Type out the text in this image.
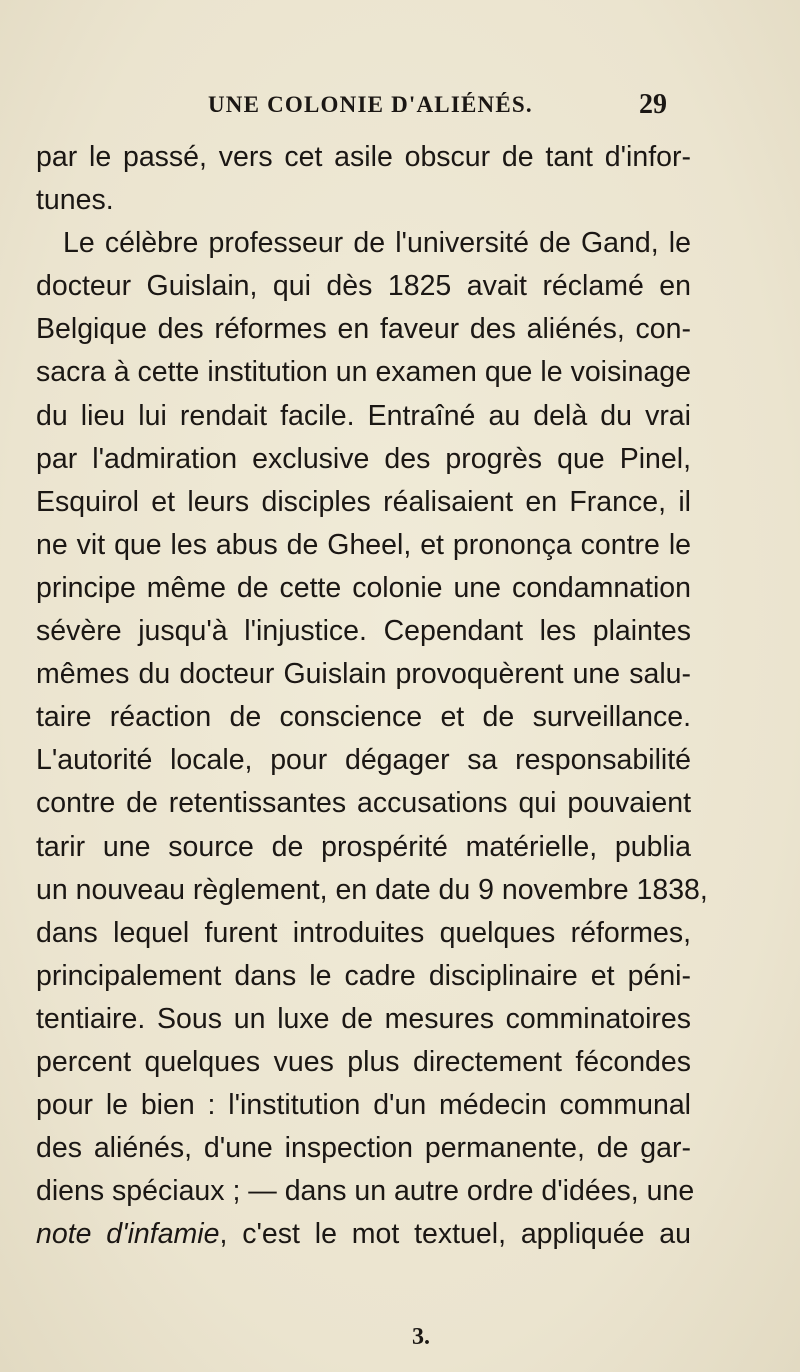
UNE COLONIE D'ALIÉNÉS.	29
par le passé, vers cet asile obscur de tant d'infor-
tunes.
Le célèbre professeur de l'université de Gand, le
docteur Guislain, qui dès 1825 avait réclamé en
Belgique des réformes en faveur des aliénés, con-
sacra à cette institution un examen que le voisinage
du lieu lui rendait facile. Entraîné au delà du vrai
par l'admiration exclusive des progrès que Pinel,
Esquirol et leurs disciples réalisaient en France, il
ne vit que les abus de Gheel, et prononça contre le
principe même de cette colonie une condamnation
sévère jusqu'à l'injustice. Cependant les plaintes
mêmes du docteur Guislain provoquèrent une salu-
taire réaction de conscience et de surveillance.
L'autorité locale, pour dégager sa responsabilité
contre de retentissantes accusations qui pouvaient
tarir une source de prospérité matérielle, publia
un nouveau règlement, en date du 9 novembre 1838,
dans lequel furent introduites quelques réformes,
principalement dans le cadre disciplinaire et péni-
tentiaire. Sous un luxe de mesures comminatoires
percent quelques vues plus directement fécondes
pour le bien : l'institution d'un médecin communal
des aliénés, d'une inspection permanente, de gar-
diens spéciaux ; — dans un autre ordre d'idées, une
note d'infamie, c'est le mot textuel, appliquée au
3.
